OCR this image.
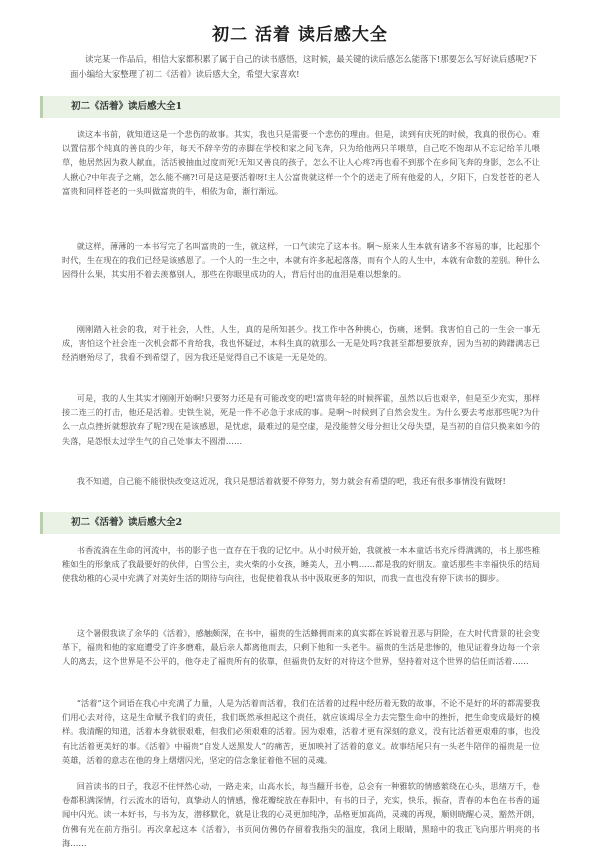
初二 活着 读后感大全
读完某一作品后，相信大家都积累了属于自己的读书感悟，这时候，最关键的读后感怎么能落下!那要怎么写好读后感呢?下面小编给大家整理了初二《活着》读后感大全，希望大家喜欢!
初二《活着》读后感大全1
读这本书前，就知道这是一个悲伤的故事。其实，我也只是需要一个悲伤的理由。但是，读到有庆死的时候，我真的很伤心。难以置信那个纯真的善良的少年，每天不辞辛劳的赤脚在学校和家之间飞奔，只为给他两只羊喂草，自己吃不饱却从不忘记给羊儿喂草，他居然因为救人献血，活活被抽血过度而死!无知又善良的孩子，怎么不让人心疼?再也看不到那个在乡间飞奔的身影，怎么不让人揪心?中年丧子之痛，怎么能不痛?!可是这是要活着呀!主人公富贵就这样一个个的送走了所有他爱的人，夕阳下，白发苍苍的老人富贵和同样苍老的一头叫做富贵的牛，相依为命，渐行渐远。
就这样，薄薄的一本书写完了名叫富贵的一生，就这样，一口气读完了这本书。啊～原来人生本就有诸多不容易的事，比起那个时代，生在现在的我们已经是该感恩了。一个人的一生之中，本就有许多起起落落，而有个人的人生中，本就有命数的差别。种什么因得什么果，其实用不着去羡慕别人，那些在你眼里成功的人，背后付出的血泪是难以想象的。
刚刚踏入社会的我，对于社会，人性，人生，真的是所知甚少。找工作中各种挑心，伤痛，迷惘。我害怕自己的一生会一事无成，害怕这个社会连一次机会都不肯给我，我也怀疑过，本科生真的就那么一无是处吗?我甚至都想要放弃，因为当初的踌躇满志已经消磨殆尽了，我看不到希望了，因为我还是觉得自己不该是一无是处的。
可是，我的人生其实才刚刚开始啊!只要努力还是有可能改变的吧!富贵年轻的时候挥霍，虽然以后也艰辛，但是至少充实，那样接二连三的打击，他还是活着。史铁生说，死是一件不必急于求成的事。是啊～时候到了自然会发生。为什么要去考虑那些呢?为什么一点点挫折就想放弃了呢?现在是该感恩，是忧虑，最难过的是空虚，是没能替父母分担让父母失望，是当初的自信只换来如今的失落，是怨恨太过学生气的自己处事太不圆滑……
我不知道，自己能不能很快改变这近况，我只是想活着就要不停努力，努力就会有希望的吧，我还有很多事情没有做呀!
初二《活着》读后感大全2
书香流淌在生命的河流中，书的影子也一直存在于我的记忆中。从小时候开始，我就被一本本童话书充斥得满满的，书上那些稚稚如生的形象成了我最要好的伙伴，白雪公主，卖火柴的小女孩，睡美人，丑小鸭……都是我的好朋友。童话那些丰幸福快乐的结局使我幼稚的心灵中充满了对美好生活的期待与向往，也促使着我从书中汲取更多的知识，而我一直也没有停下读书的脚步。
这个暑假我读了余华的《活着》，感触颇深，在书中，福贵的生活蜂拥而来的真实都在诉说着丑恶与阴险，在大时代背景的社会变革下，福贵和他的家庭遭受了许多磨难，最后亲人都离他而去，只剩下他和一头老牛。福贵的生活是悲惨的，他见证着身边每一个亲人的离去，这个世界是不公平的，他夺走了福贵所有的依靠，但福贵仍友好的对待这个世界，坚持着对这个世界的信任而活着……
“活着”这个词语在我心中充满了力量，人是为活着而活着，我们在活着的过程中经历着无数的故事，不论不是好的坏的都需要我们用心去对待，这是生命赋予我们的责任，我们既然承担起这个责任，就应该竭尽全力去完整生命中的挫折，把生命变成最好的模样。我清醒的知道，活着本身就很艰难，但我们必须艰难的活着。因为艰难，活着才更有深刻的意义，没有比活着更艰难的事，也没有比活着更美好的事。《活着》中福贵“自发人送黑发人”的痛苦，更加映衬了活着的意义。故事结尾只有一头老牛陪伴的福贵是一位英雄，活着的意志在他的身上熠熠闪光，坚定的信念象征着他不屈的灵魂。
回首读书的日子，我忍不住怦然心动，一路走来，山高水长，每当翻开书卷，总会有一种雅软的情感萦绕在心头，思绪万千，卷卷都积满深情，行云流水的语句，真挚动人的情感，像花瓣绽放在春阳中，有书的日子，充实，快乐，振奋，青春的本色在书香的遥闻中闪光。读一本好书，与书为友，潜移默化，就是让我的心灵更加纯净，品格更加高尚，灵魂的再现，顺则晓醒心灵，豁然开朗，仿佛有光在前方指引。再次拿起这本《活着》，书页间仿佛仍存留着我指尖的温度，我闭上眼睛，黑暗中的我正飞向那片明亮的书海……
